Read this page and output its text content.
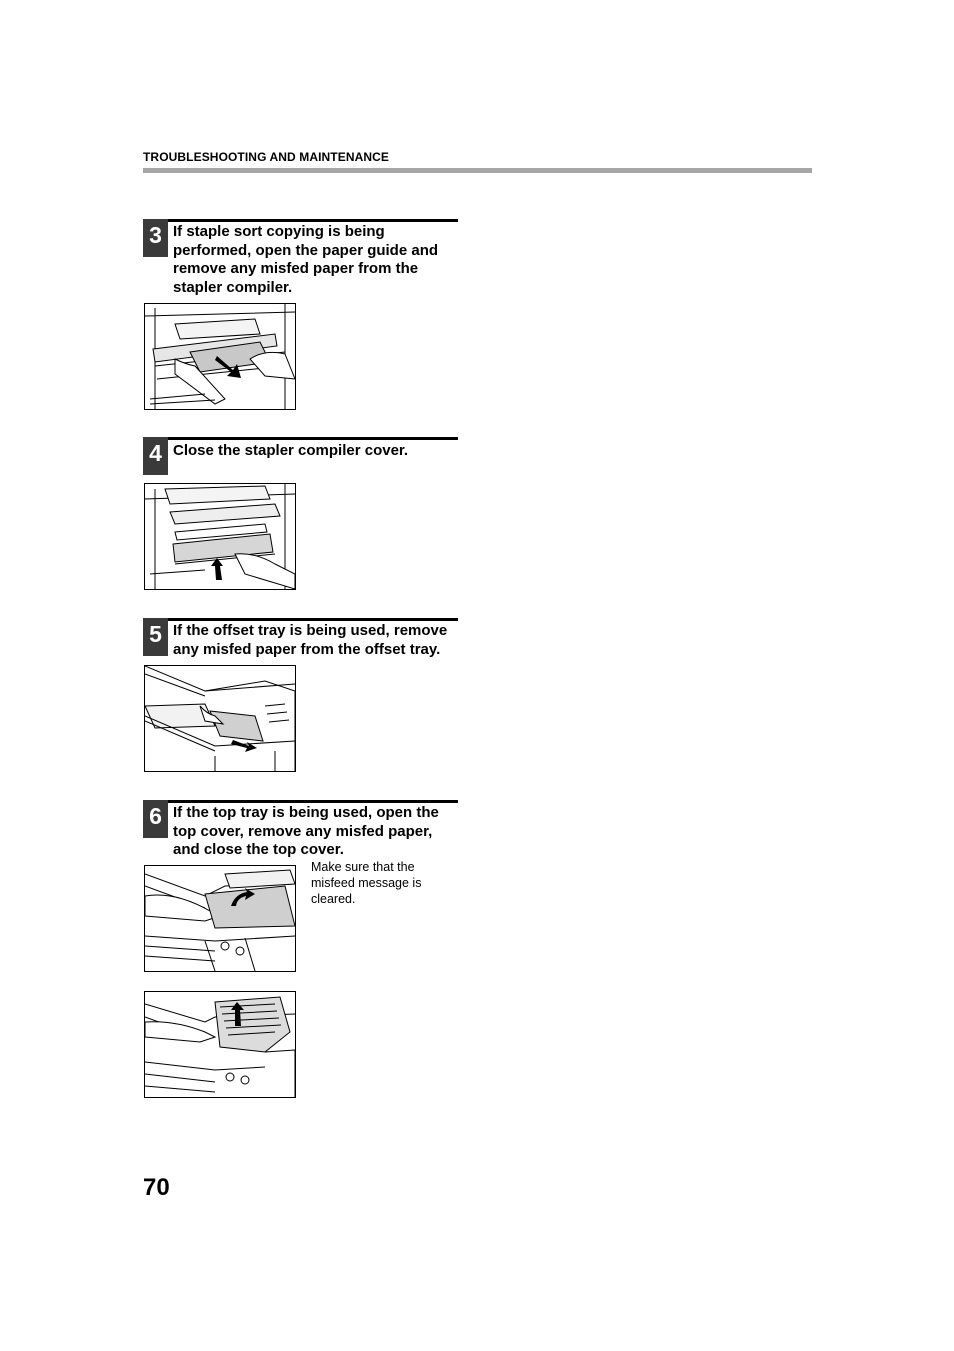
TROUBLESHOOTING AND MAINTENANCE
3 If staple sort copying is being performed, open the paper guide and remove any misfed paper from the stapler compiler.
4 Close the stapler compiler cover.
5 If the offset tray is being used, remove any misfed paper from the offset tray.
6 If the top tray is being used, open the top cover, remove any misfed paper, and close the top cover.
Make sure that the misfeed message is cleared.
70
